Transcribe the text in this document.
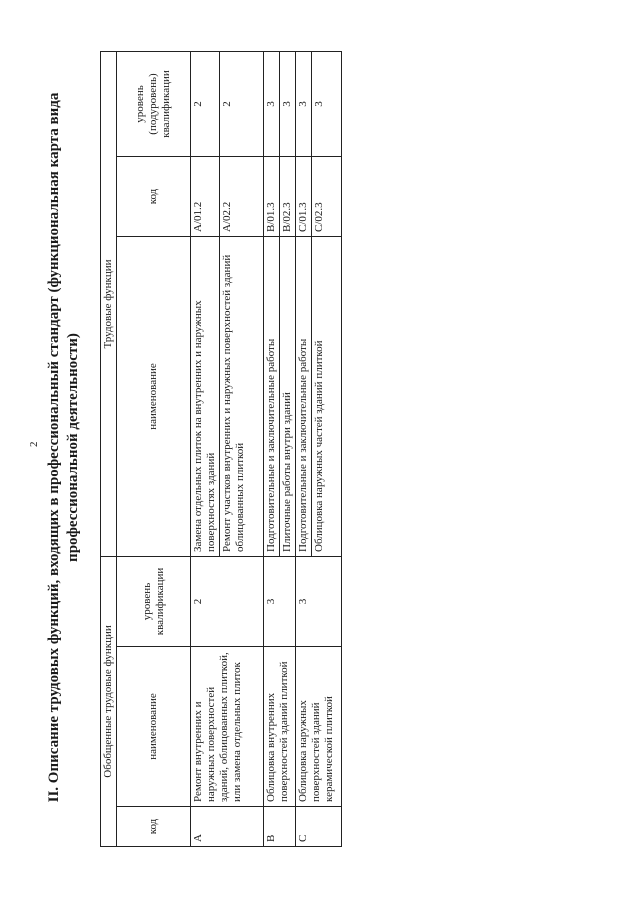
2 II. Описание трудовых функций, входящих в профессиональный стандарт (функциональная карта вида профессиональной деятельности)
Обобщенные трудовые функции			Трудовые функции		
код	наименование	уровень квалификации	наименование	код	уровень (подуровень) квалификации
A	Ремонт внутренних и наружных поверхностей зданий, облицованных плиткой, или замена отдельных плиток	2	Замена отдельных плиток на внутренних и наружных поверхностях зданий	A/01.2	2
			Ремонт участков внутренних и наружных поверхностей зданий облицованных плиткой	A/02.2	2
B	Облицовка внутренних поверхностей зданий плиткой	3	Подготовительные и заключительные работы	B/01.3	3
			Плиточные работы внутри зданий	B/02.3	3
C	Облицовка наружных поверхностей зданий керамической плиткой	3	Подготовительные и заключительные работы	C/01.3	3
			Облицовка наружных частей зданий плиткой	C/02.3	3
